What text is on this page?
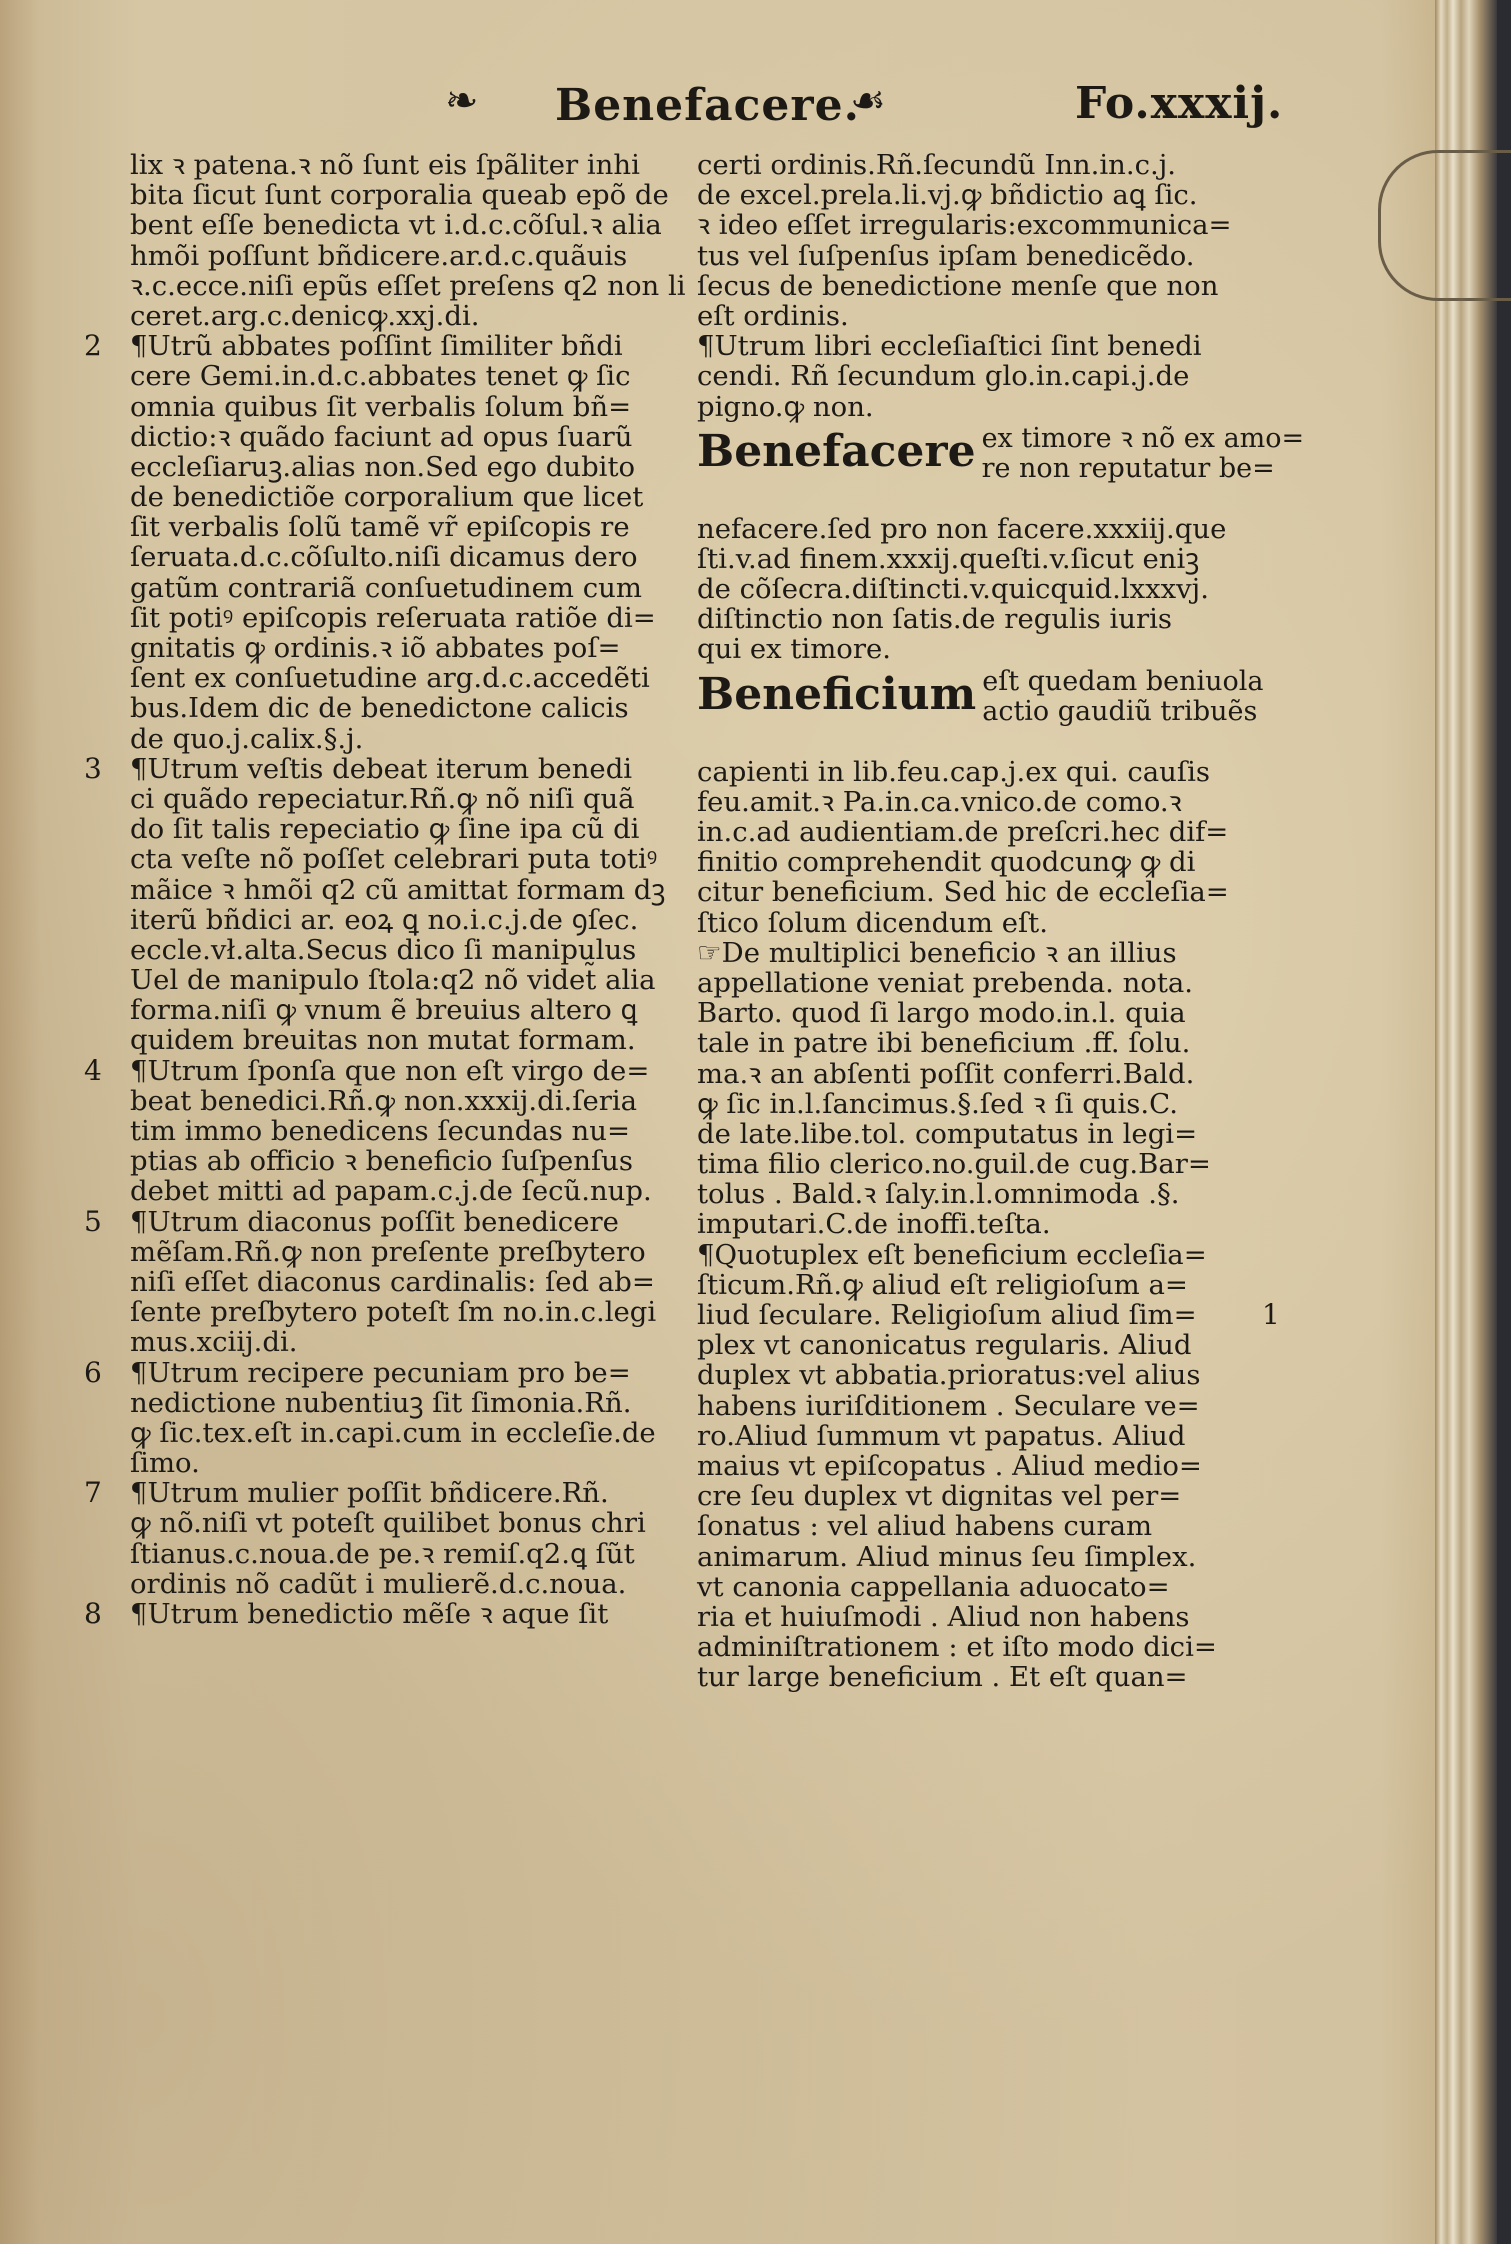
❧ Benefacere.
☙	Fo.xxxij.
lix ꝛ patena.ꝛ nõ ſunt eis ſpãliter inhi
bita ſicut ſunt corporalia queab epõ de
bent eſſe benedicta vt i.d.c.cõſul.ꝛ alia
hmõi poſſunt bñdicere.ar.d.c.quãuis
ꝛ.c.ecce.niſi epũs eſſet preſens q2 non li
ceret.arg.c.denicꝙ.xxj.di.
2 ¶Utrũ abbates poſſint ſimiliter bñdi
cere Gemi.in.d.c.abbates tenet ꝙ ſic
omnia quibus ſit verbalis ſolum bñ=
dictio:ꝛ quãdo faciunt ad opus ſuarũ
eccleſiaruꝫ.alias non.Sed ego dubito
de benedictiõe corporalium que licet
ſit verbalis ſolũ tamẽ vr̃ epiſcopis re
ſeruata.d.c.cõſulto.niſi dicamus dero
gatũm contrariã conſuetudinem cum
ſit potiꝰ epiſcopis reſeruata ratiõe di=
gnitatis ꝙ ordinis.ꝛ iõ abbates poſ=
ſent ex conſuetudine arg.d.c.accedẽti
bus.Idem dic de benedictone calicis
de quo.j.calix.§.j.
3 ¶Utrum veſtis debeat iterum benedi
ci quãdo repeciatur.Rñ.ꝙ nõ niſi quã
do ſit talis repeciatio ꝙ ſine ipa cũ di
cta veſte nõ poſſet celebrari puta totiꝰ
mãice ꝛ hmõi q2 cũ amittat formam dꝫ
iterũ bñdici ar. eoꝝ ꝗ no.i.c.j.de ꝯſec.
eccle.vł.alta.Secus dico ſi manipulus
Uel de manipulo ſtola:q2 nõ videt̃ alia
forma.niſi ꝙ vnum ẽ breuius altero ꝗ
quidem breuitas non mutat formam.
4 ¶Utrum ſponſa que non eſt virgo de=
beat benedici.Rñ.ꝙ non.xxxij.di.ſeria
tim immo benedicens ſecundas nu=
ptias ab officio ꝛ beneficio ſuſpenſus
debet mitti ad papam.c.j.de ſecũ.nup.
5 ¶Utrum diaconus poſſit benedicere
mẽſam.Rñ.ꝙ non preſente preſbytero
niſi eſſet diaconus cardinalis: ſed ab=
ſente preſbytero poteſt ſm no.in.c.legi
mus.xciij.di.
6 ¶Utrum recipere pecuniam pro be=
nedictione nubentiuꝫ ſit ſimonia.Rñ.
ꝙ ſic.tex.eſt in.capi.cum in eccleſie.de
ſimo.
7 ¶Utrum mulier poſſit bñdicere.Rñ.
ꝙ nõ.niſi vt poteſt quilibet bonus chri
ſtianus.c.noua.de pe.ꝛ remiſ.q2.ꝗ ſũt
ordinis nõ cadũt i mulierẽ.d.c.noua.
8 ¶Utrum benedictio mẽſe ꝛ aque ſit
certi ordinis.Rñ.ſecundũ Inn.in.c.j.
de excel.prela.li.vj.ꝙ bñdictio aꝗ ſic.
ꝛ ideo eſſet irregularis:excommunica=
tus vel ſuſpenſus ipſam benedicẽdo.
ſecus de benedictione menſe que non
eſt ordinis.
¶Utrum libri eccleſiaſtici ſint benedi
cendi. Rñ ſecundum glo.in.capi.j.de
pigno.ꝙ non.
Benefacere ex timore ꝛ nõ ex amo=
re non reputatur be=
nefacere.ſed pro non facere.xxxiij.que
ſti.v.ad finem.xxxij.queſti.v.ſicut eniꝫ
de cõſecra.diſtincti.v.quicquid.lxxxvj.
diſtinctio non ſatis.de regulis iuris
qui ex timore.
Beneficium eſt quedam beniuola
actio gaudiũ tribuẽs
capienti in lib.feu.cap.j.ex qui. cauſis
feu.amit.ꝛ Pa.in.ca.vnico.de como.ꝛ
in.c.ad audientiam.de preſcri.hec dif=
finitio comprehendit quodcunꝙ ꝙ di
citur beneficium. Sed hic de eccleſia=
ſtico ſolum dicendum eſt.
☞De multiplici beneficio ꝛ an illius
appellatione veniat prebenda. nota.
Barto. quod ſi largo modo.in.l. quia
tale in patre ibi beneficium .ff. ſolu.
ma.ꝛ an abſenti poſſit conferri.Bald.
ꝙ ſic in.l.ſancimus.§.ſed ꝛ ſi quis.C.
de late.libe.tol. computatus in legi=
tima filio clerico.no.guil.de cug.Bar=
tolus . Bald.ꝛ ſaly.in.l.omnimoda .§.
imputari.C.de inoffi.teſta.
¶Quotuplex eſt beneficium eccleſia=
ſticum.Rñ.ꝙ aliud eſt religioſum a=
liud ſeculare. Religioſum aliud ſim=
plex vt canonicatus regularis. Aliud
duplex vt abbatia.prioratus:vel alius
habens iuriſditionem . Seculare ve=
ro.Aliud ſummum vt papatus. Aliud
maius vt epiſcopatus . Aliud medio=
cre ſeu duplex vt dignitas vel per=
ſonatus : vel aliud habens curam
animarum. Aliud minus ſeu ſimplex.
vt canonia cappellania aduocato=
ria et huiuſmodi . Aliud non habens
adminiſtrationem : et iſto modo dici=
tur large beneficium . Et eſt quan=
1
